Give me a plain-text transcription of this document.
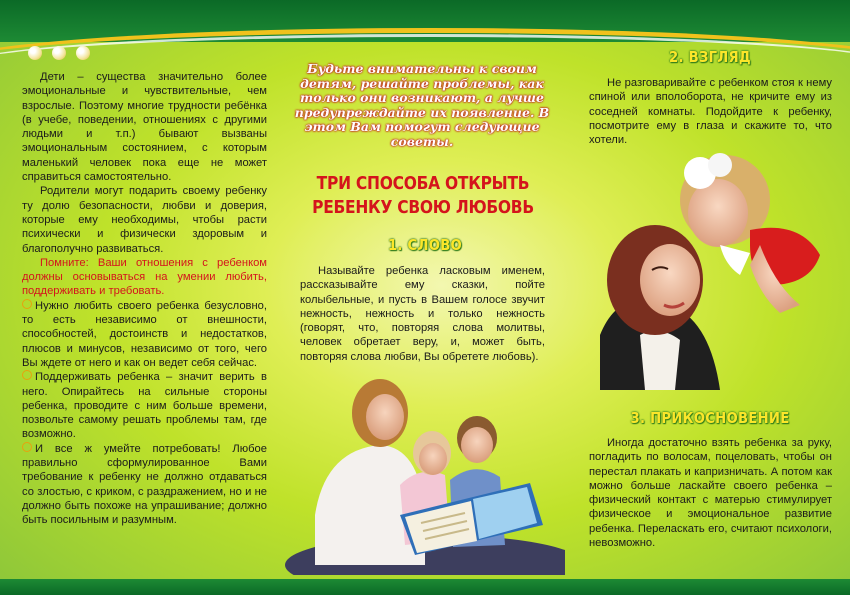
Дети – существа значительно более эмоциональные и чувствительные, чем взрослые. Поэтому многие трудности ребёнка (в учебе, поведении, отношениях с другими людьми и т.п.) бывают вызваны эмоциональным состоянием, с которым маленький человек пока еще не может справиться самостоятельно.

Родители могут подарить своему ребенку ту долю безопасности, любви и доверия, которые ему необходимы, чтобы расти психически и физически здоровым и благополучно развиваться.

Помните: Ваши отношения с ребенком должны основываться на умении любить, поддерживать и требовать.

Нужно любить своего ребенка безусловно, то есть независимо от внешности, способностей, достоинств и недостатков, плюсов и минусов, независимо от того, чего Вы ждете от него и как он ведет себя сейчас.

Поддерживать ребенка – значит верить в него. Опирайтесь на сильные стороны ребенка, проводите с ним больше времени, позвольте самому решать проблемы там, где возможно.

И все ж умейте потребовать! Любое правильно сформулированное Вами требование к ребенку не должно отдаваться со злостью, с криком, с раздражением, но и не должно быть похоже на упрашивание; должно быть посильным и разумным.

Будьте внимательны к своим детям, решайте проблемы, как только они возникают, а лучше предупреждайте их появление. В этом Вам помогут следующие советы.
ТРИ СПОСОБА ОТКРЫТЬ
РЕБЕНКУ СВОЮ ЛЮБОВЬ
1. СЛОВО

Называйте ребенка ласковым именем, рассказывайте ему сказки, пойте колыбельные, и пусть в Вашем голосе звучит нежность, нежность и только нежность (говорят, что, повторяя слова молитвы, человек обретает веру, и, может быть, повторяя слова любви, Вы обретете любовь).

2. ВЗГЛЯД

Не разговаривайте с ребенком стоя к нему спиной или вполоборота, не кричите ему из соседней комнаты. Подойдите к ребенку, посмотрите ему в глаза и скажите то, что хотели.

3. ПРИКОСНОВЕНИЕ

Иногда достаточно взять ребенка за руку, погладить по волосам, поцеловать, чтобы он перестал плакать и капризничать. А потом как можно больше ласкайте своего ребенка – физический контакт с матерью стимулирует физическое и эмоциональное развитие ребенка. Переласкать его, считают психологи, невозможно.
